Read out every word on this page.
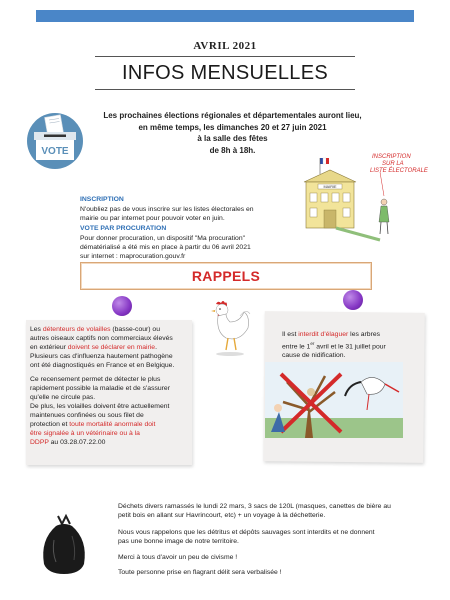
AVRIL 2021
INFOS MENSUELLES
VOTE
Les prochaines élections régionales et départementales auront lieu,
en même temps, les dimanches 20 et 27 juin 2021
à la salle des fêtes
de 8h à 18h.
INSCRIPTION
SUR LA
LISTE ÉLECTORALE
MAIRIE
INSCRIPTION
N'oubliez pas de vous inscrire sur les listes électorales en
mairie ou par internet pour pouvoir voter en juin.
VOTE PAR PROCURATION
Pour donner procuration, un dispositif "Ma procuration"
dématérialisé a été mis en place à partir du 06 avril 2021
sur internet : maprocuration.gouv.fr
RAPPELS
Les détenteurs de volailles (basse-cour) ou
autres oiseaux captifs non commerciaux élevés
en extérieur doivent se déclarer en mairie.
Plusieurs cas d'influenza hautement pathogène
ont été diagnostiqués en France et en Belgique.
Ce recensement permet de détecter le plus
rapidement possible la maladie et de s'assurer
qu'elle ne circule pas.
De plus, les volailles doivent être actuellement
maintenues confinées ou sous filet de
protection et toute mortalité anormale doit
être signalée à un vétérinaire ou à la
DDPP au 03.28.07.22.00
Il est interdit d'élaguer les arbres
entre le 1er avril et le 31 juillet pour
cause de nidification.
Déchets divers ramassés le lundi 22 mars, 3 sacs de 120L (masques, canettes de bière au
petit bois en allant sur Havrincourt, etc) + un voyage à la déchetterie.
Nous vous rappelons que les détritus et dépôts sauvages sont interdits et ne donnent
pas une bonne image de notre territoire.
Merci à tous d'avoir un peu de civisme !
Toute personne prise en flagrant délit sera verbalisée !
